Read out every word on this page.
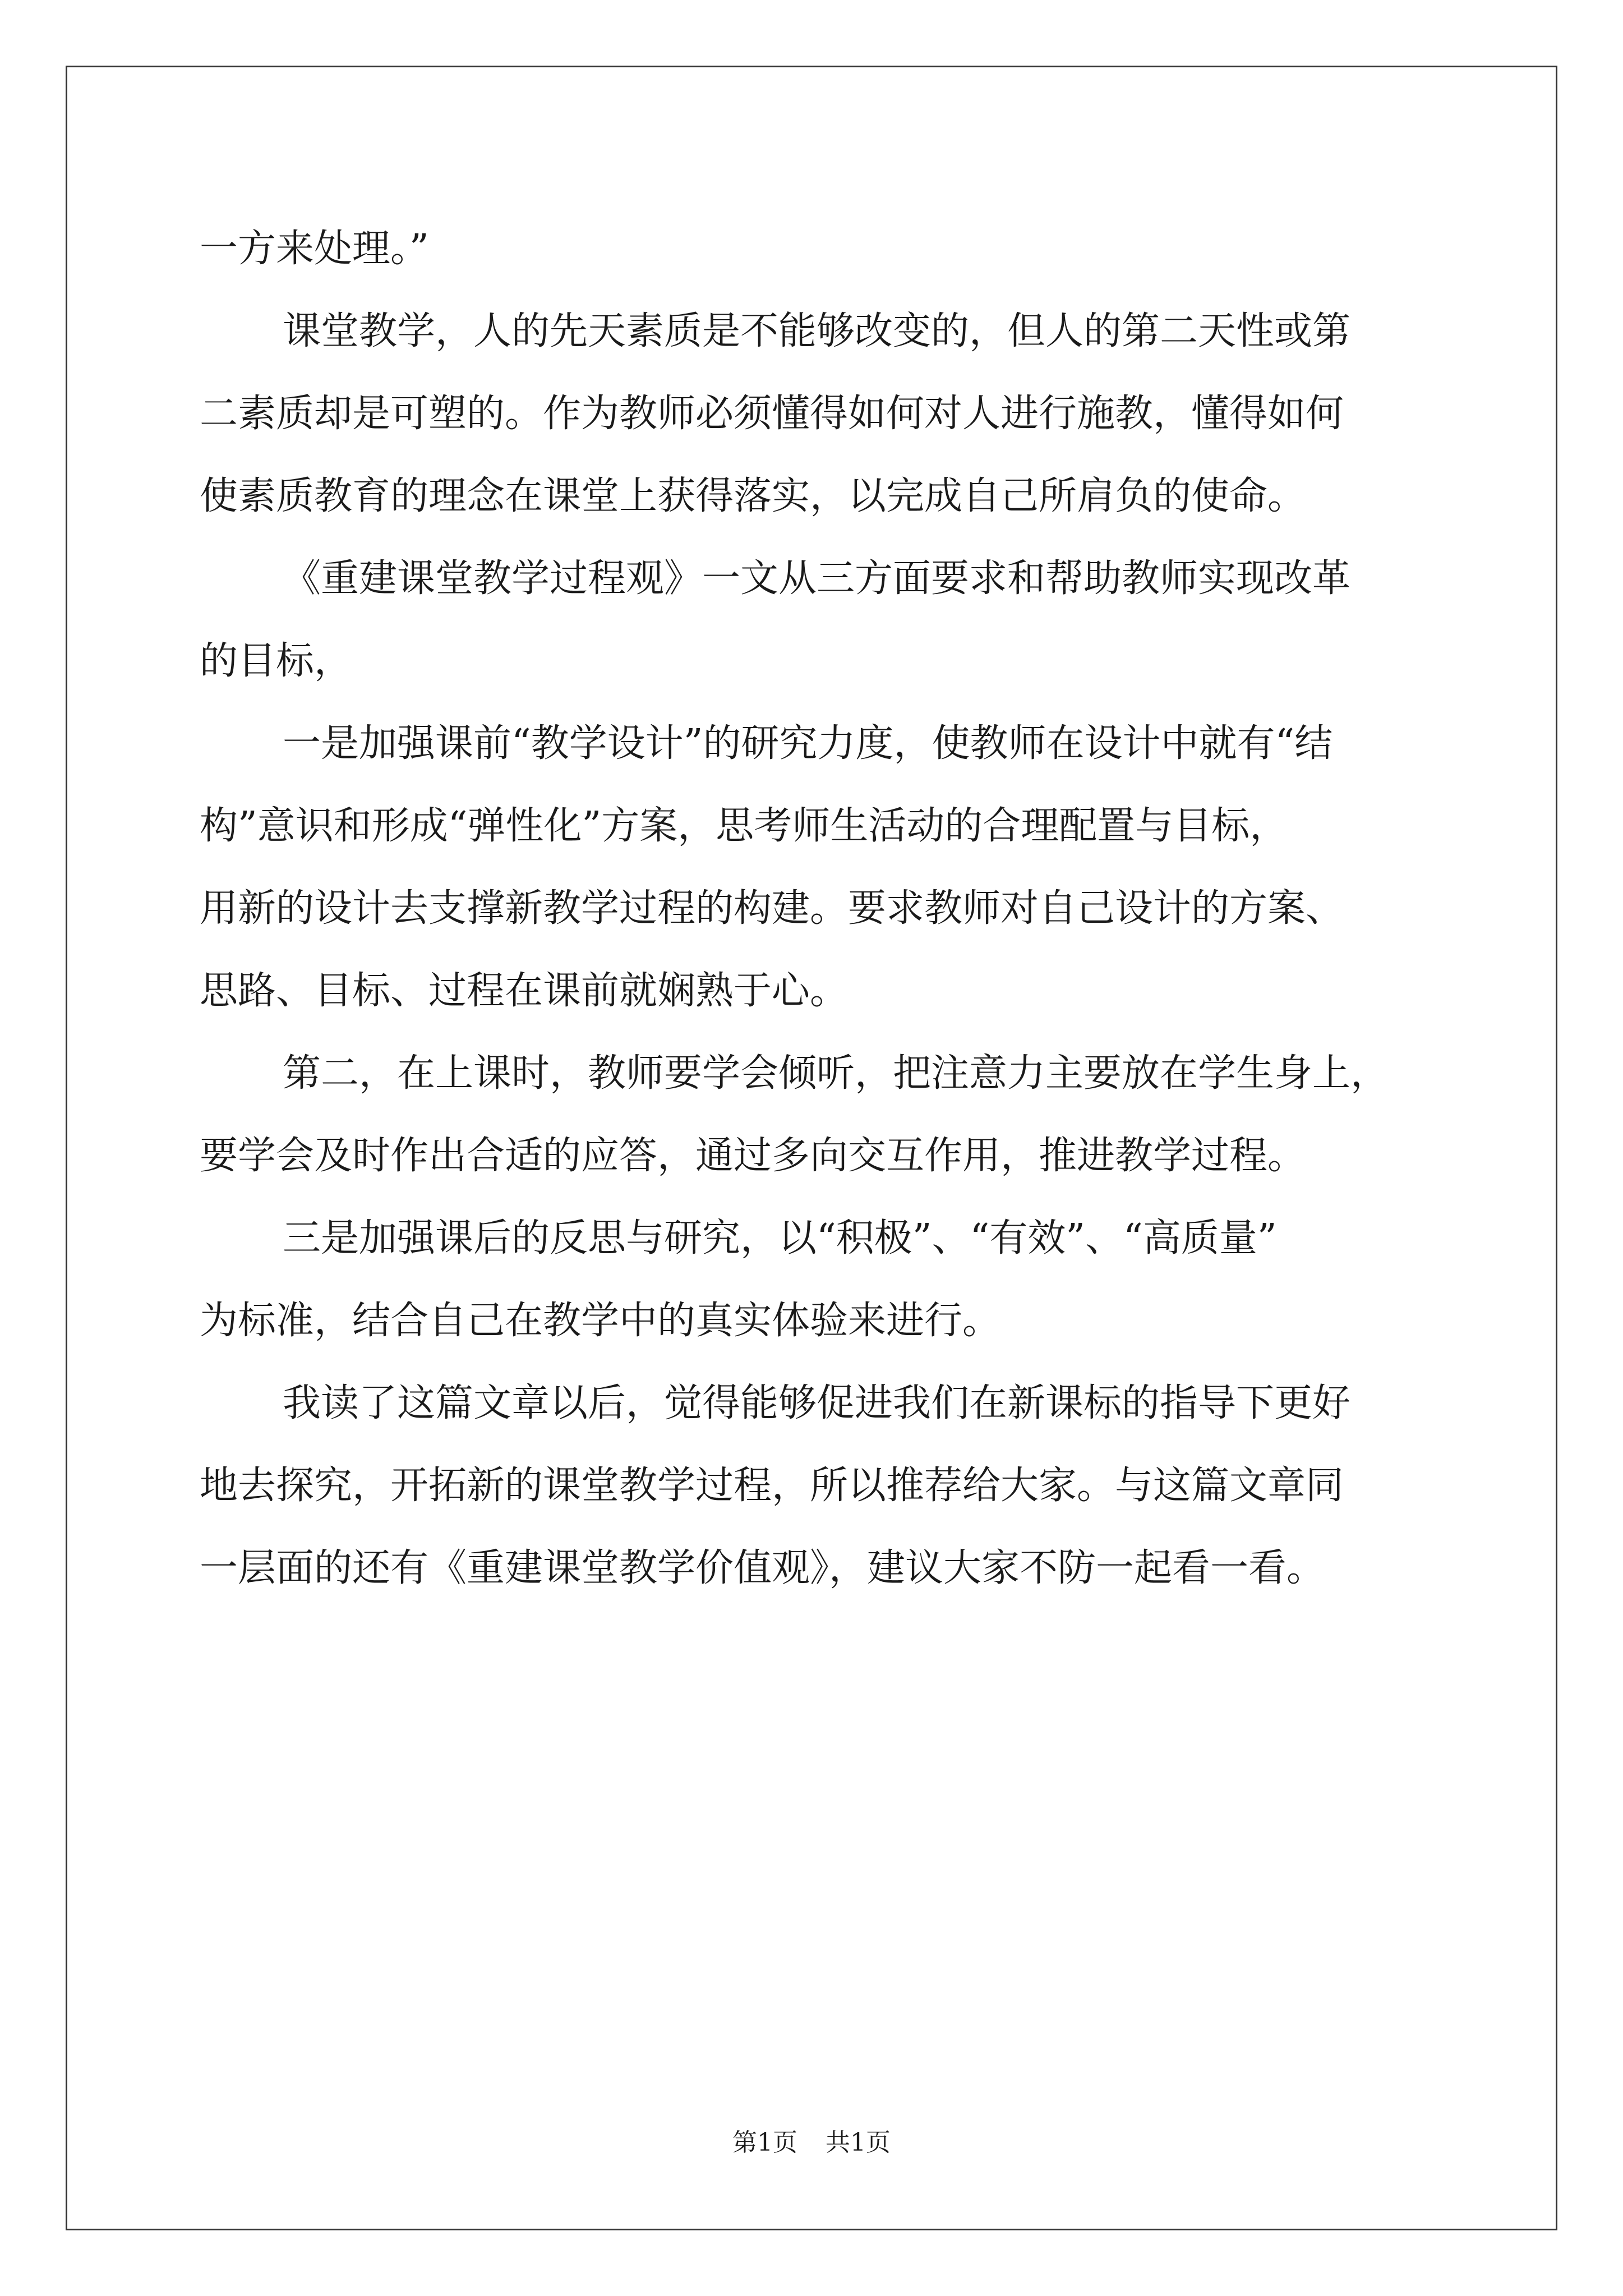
一方来处理。”
课堂教学，人的先天素质是不能够改变的，但人的第二天性或第
二素质却是可塑的。作为教师必须懂得如何对人进行施教，懂得如何
使素质教育的理念在课堂上获得落实，以完成自己所肩负的使命。
《重建课堂教学过程观》一文从三方面要求和帮助教师实现改革
的目标，
一是加强课前“教学设计”的研究力度，使教师在设计中就有“结
构”意识和形成“弹性化”方案，思考师生活动的合理配置与目标，
用新的设计去支撑新教学过程的构建。要求教师对自己设计的方案、
思路、目标、过程在课前就娴熟于心。
第二，在上课时，教师要学会倾听，把注意力主要放在学生身上，
要学会及时作出合适的应答，通过多向交互作用，推进教学过程。
三是加强课后的反思与研究，以“积极”、“有效”、“高质量”
为标准，结合自己在教学中的真实体验来进行。
我读了这篇文章以后，觉得能够促进我们在新课标的指导下更好
地去探究，开拓新的课堂教学过程，所以推荐给大家。与这篇文章同
一层面的还有《重建课堂教学价值观》，建议大家不防一起看一看。
第1页 共1页
